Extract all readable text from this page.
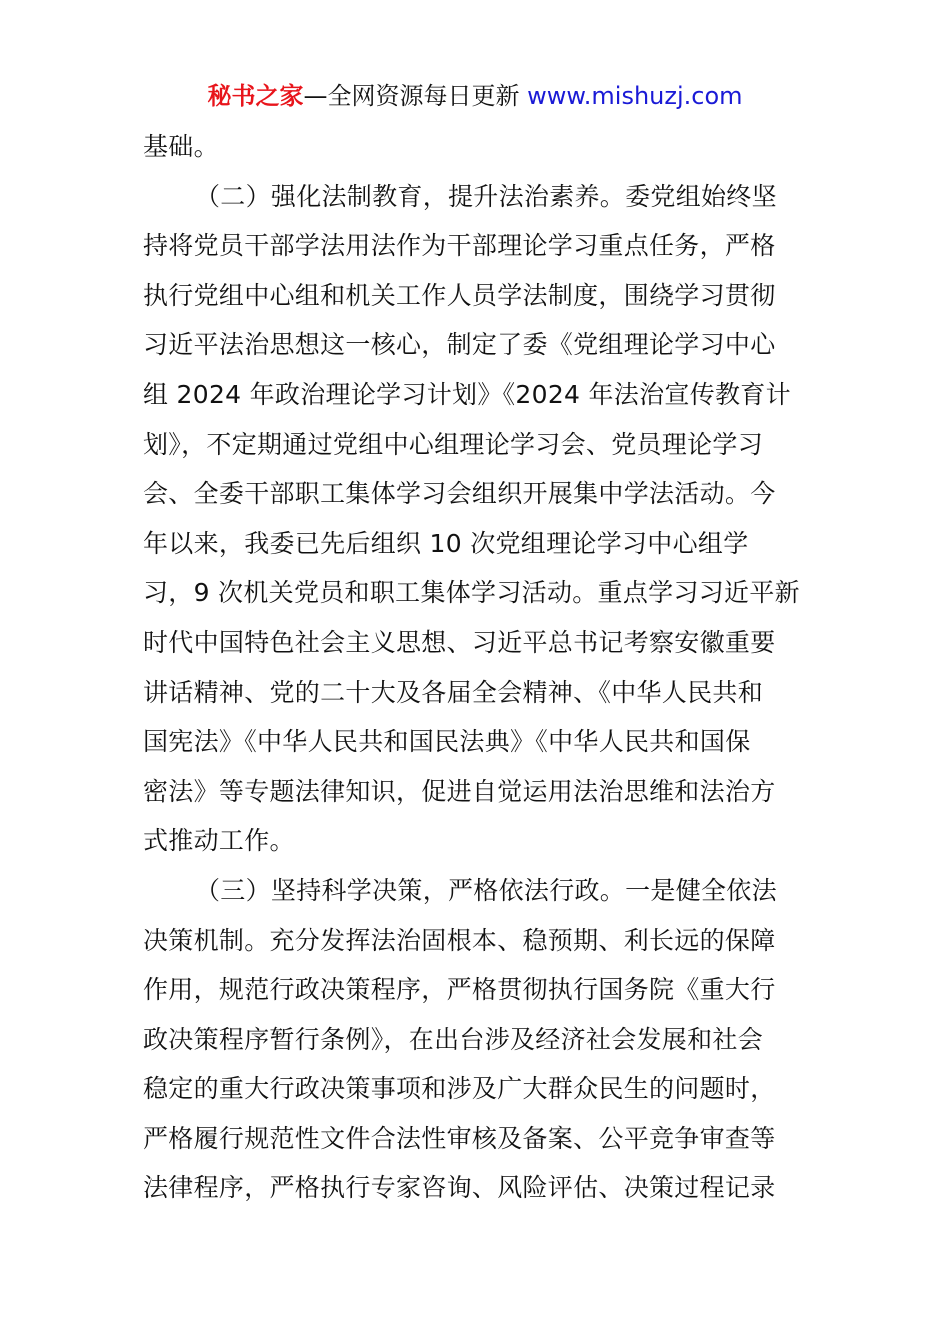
秘书之家—全网资源每日更新 www.mishuzj.com
基础。
（二）强化法制教育，提升法治素养。委党组始终坚
持将党员干部学法用法作为干部理论学习重点任务，严格
执行党组中心组和机关工作人员学法制度，围绕学习贯彻
习近平法治思想这一核心，制定了委《党组理论学习中心
组 2024 年政治理论学习计划》《2024 年法治宣传教育计
划》，不定期通过党组中心组理论学习会、党员理论学习
会、全委干部职工集体学习会组织开展集中学法活动。今
年以来，我委已先后组织 10 次党组理论学习中心组学
习，9 次机关党员和职工集体学习活动。重点学习习近平新
时代中国特色社会主义思想、习近平总书记考察安徽重要
讲话精神、党的二十大及各届全会精神、《中华人民共和
国宪法》《中华人民共和国民法典》《中华人民共和国保
密法》等专题法律知识，促进自觉运用法治思维和法治方
式推动工作。
（三）坚持科学决策，严格依法行政。一是健全依法
决策机制。充分发挥法治固根本、稳预期、利长远的保障
作用，规范行政决策程序，严格贯彻执行国务院《重大行
政决策程序暂行条例》，在出台涉及经济社会发展和社会
稳定的重大行政决策事项和涉及广大群众民生的问题时，
严格履行规范性文件合法性审核及备案、公平竞争审查等
法律程序，严格执行专家咨询、风险评估、决策过程记录
